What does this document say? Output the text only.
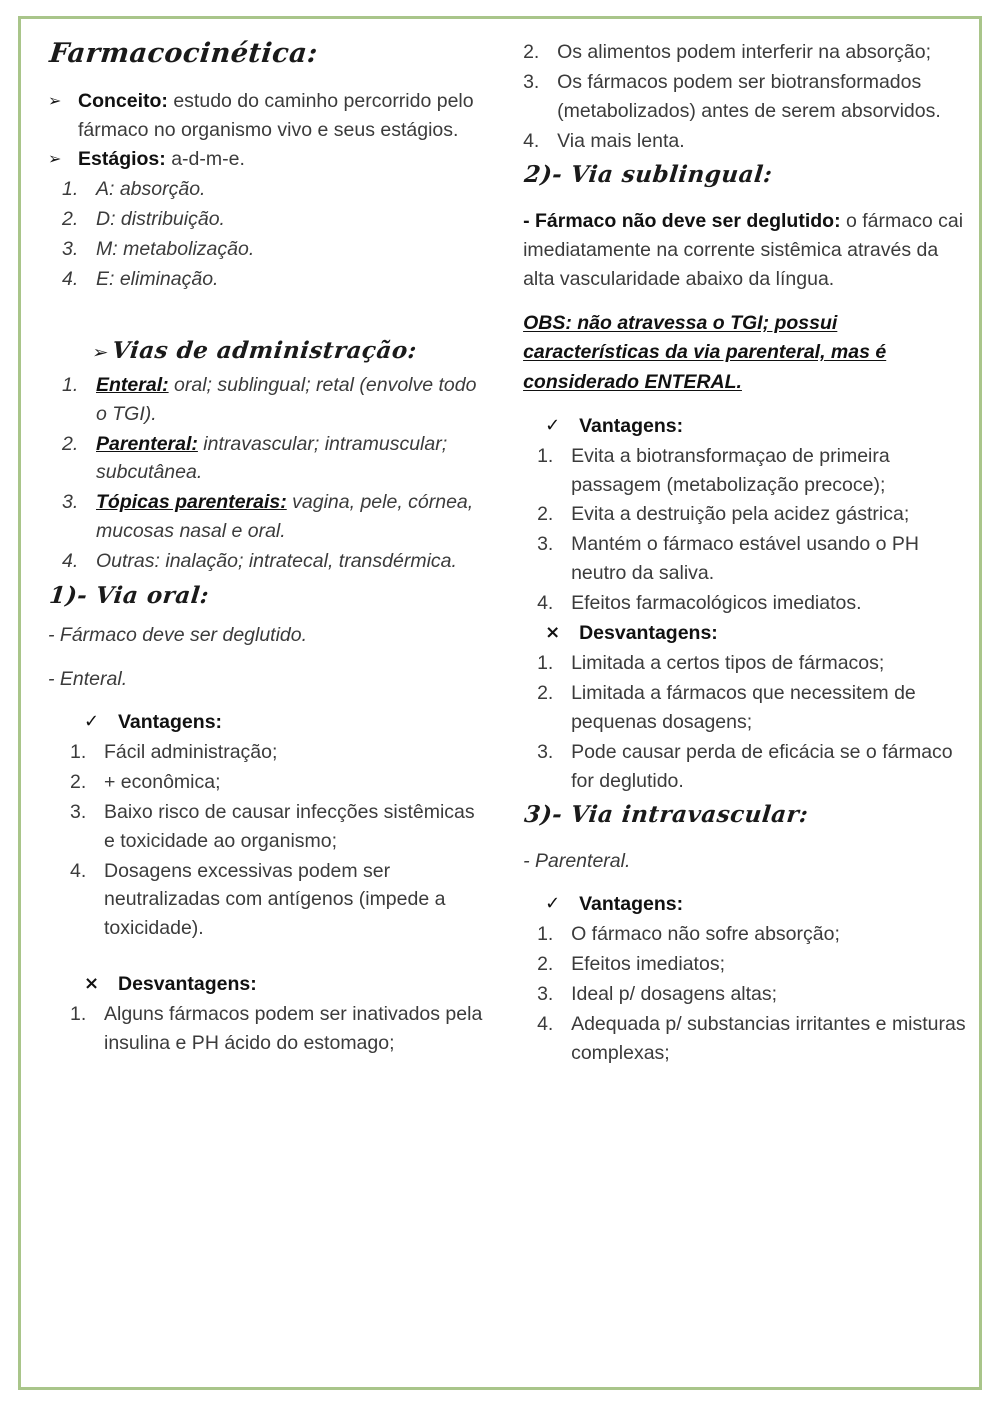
Farmacocinética:
➢ Conceito: estudo do caminho percorrido pelo fármaco no organismo vivo e seus estágios.
➢ Estágios: a-d-m-e.
1. A: absorção.
2. D: distribuição.
3. M: metabolização.
4. E: eliminação.
➢ Vias de administração:
1. Enteral: oral; sublingual; retal (envolve todo o TGI).
2. Parenteral: intravascular; intramuscular; subcutânea.
3. Tópicas parenterais: vagina, pele, córnea, mucosas nasal e oral.
4. Outras: inalação; intratecal, transdérmica.
1)- Via oral:

- Fármaco deve ser deglutido.

- Enteral.

✓ Vantagens:
1. Fácil administração;
2. + econômica;
3. Baixo risco de causar infecções sistêmicas e toxicidade ao organismo;
4. Dosagens excessivas podem ser neutralizadas com antígenos (impede a toxicidade).
× Desvantagens:
1. Alguns fármacos podem ser inativados pela insulina e PH ácido do estomago;
2. Os alimentos podem interferir na absorção;
3. Os fármacos podem ser biotransformados (metabolizados) antes de serem absorvidos.
4. Via mais lenta.
2)- Via sublingual:

- Fármaco não deve ser deglutido: o fármaco cai imediatamente na corrente sistêmica através da alta vascularidade abaixo da língua.

OBS: não atravessa o TGI; possui características da via parenteral, mas é considerado ENTERAL.

✓ Vantagens:
1. Evita a biotransformaçao de primeira passagem (metabolização precoce);
2. Evita a destruição pela acidez gástrica;
3. Mantém o fármaco estável usando o PH neutro da saliva.
4. Efeitos farmacológicos imediatos.
× Desvantagens:
1. Limitada a certos tipos de fármacos;
2. Limitada a fármacos que necessitem de pequenas dosagens;
3. Pode causar perda de eficácia se o fármaco for deglutido.
3)- Via intravascular:

- Parenteral.

✓ Vantagens:
1. O fármaco não sofre absorção;
2. Efeitos imediatos;
3. Ideal p/ dosagens altas;
4. Adequada p/ substancias irritantes e misturas complexas;
